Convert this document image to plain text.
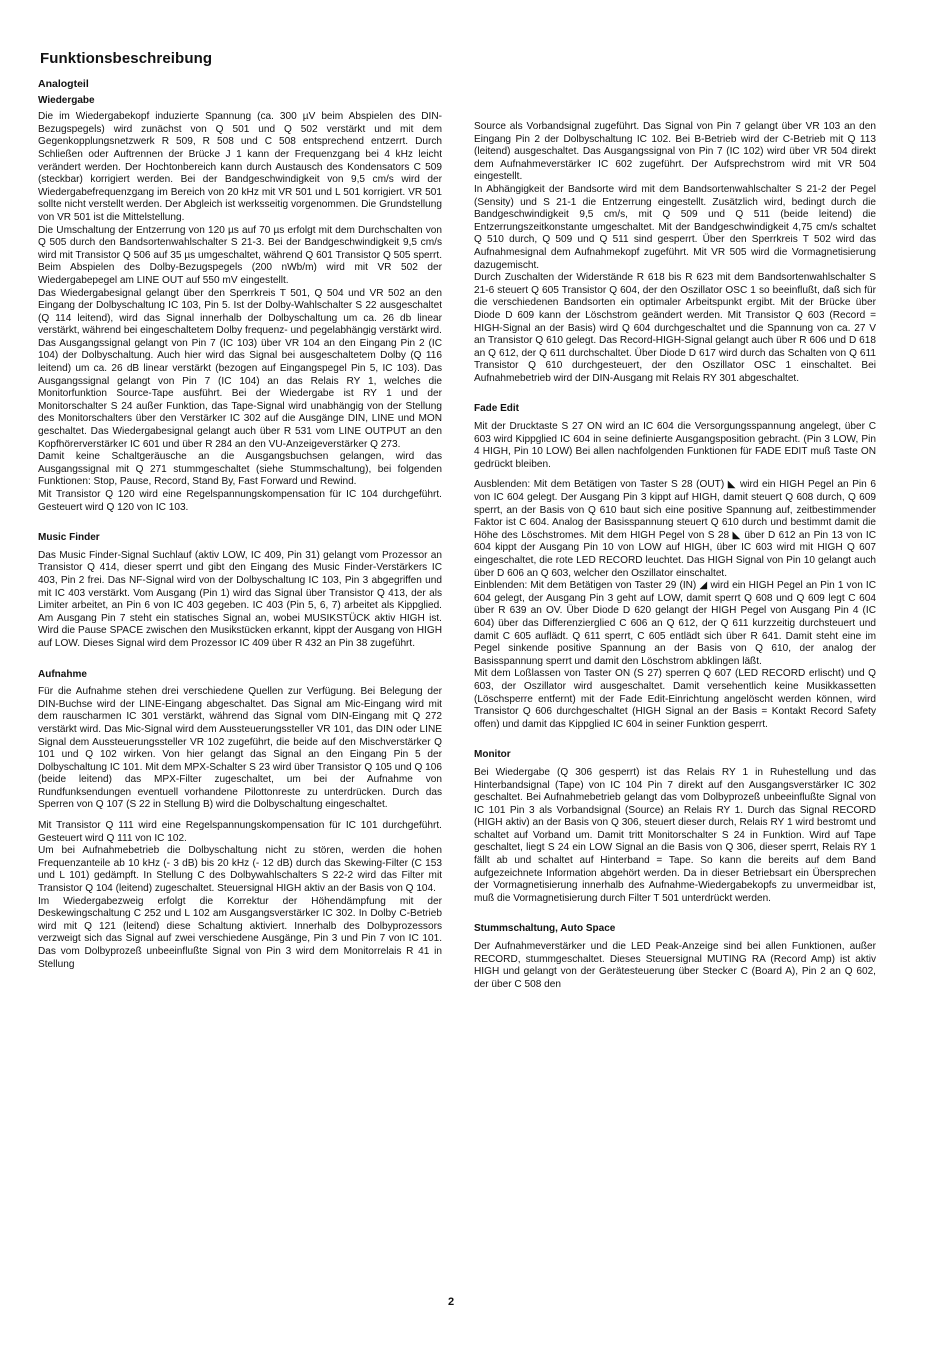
Funktionsbeschreibung
Analogteil
Wiedergabe

Die im Wiedergabekopf induzierte Spannung (ca. 300 µV beim Abspielen des DIN-Bezugspegels) wird zunächst von Q 501 und Q 502 verstärkt und mit dem Gegenkopplungsnetzwerk R 509, R 508 und C 508 entsprechend entzerrt. Durch Schließen oder Auftrennen der Brücke J 1 kann der Frequenzgang bei 4 kHz leicht verändert werden. Der Hochtonbereich kann durch Austausch des Kondensators C 509 (steckbar) korrigiert werden. Bei der Bandgeschwindigkeit von 9,5 cm/s wird der Wiedergabefrequenzgang im Bereich von 20 kHz mit VR 501 und L 501 korrigiert. VR 501 sollte nicht verstellt werden. Der Abgleich ist werksseitig vorgenommen. Die Grundstellung von VR 501 ist die Mittelstellung.

Die Umschaltung der Entzerrung von 120 µs auf 70 µs erfolgt mit dem Durchschalten von Q 505 durch den Bandsortenwahlschalter S 21-3. Bei der Bandgeschwindigkeit 9,5 cm/s wird mit Transistor Q 506 auf 35 µs umgeschaltet, während Q 601 Transistor Q 505 sperrt. Beim Abspielen des Dolby-Bezugspegels (200 nWb/m) wird mit VR 502 der Wiedergabepegel am LINE OUT auf 550 mV eingestellt.

Das Wiedergabesignal gelangt über den Sperrkreis T 501, Q 504 und VR 502 an den Eingang der Dolbyschaltung IC 103, Pin 5. Ist der Dolby-Wahlschalter S 22 ausgeschaltet (Q 114 leitend), wird das Signal innerhalb der Dolbyschaltung um ca. 26 db linear verstärkt, während bei eingeschaltetem Dolby frequenz- und pegelabhängig verstärkt wird.

Das Ausgangssignal gelangt von Pin 7 (IC 103) über VR 104 an den Eingang Pin 2 (IC 104) der Dolbyschaltung. Auch hier wird das Signal bei ausgeschaltetem Dolby (Q 116 leitend) um ca. 26 dB linear verstärkt (bezogen auf Eingangspegel Pin 5, IC 103). Das Ausgangssignal gelangt von Pin 7 (IC 104) an das Relais RY 1, welches die Monitorfunktion Source-Tape ausführt. Bei der Wiedergabe ist RY 1 und der Monitorschalter S 24 außer Funktion, das Tape-Signal wird unabhängig von der Stellung des Monitorschalters über den Verstärker IC 302 auf die Ausgänge DIN, LINE und MON geschaltet. Das Wiedergabesignal gelangt auch über R 531 vom LINE OUTPUT an den Kopfhörerverstärker IC 601 und über R 284 an den VU-Anzeigeverstärker Q 273.

Damit keine Schaltgeräusche an die Ausgangsbuchsen gelangen, wird das Ausgangssignal mit Q 271 stummgeschaltet (siehe Stummschaltung), bei folgenden Funktionen: Stop, Pause, Record, Stand By, Fast Forward und Rewind.

Mit Transistor Q 120 wird eine Regelspannungskompensation für IC 104 durchgeführt. Gesteuert wird Q 120 von IC 103.

Music Finder

Das Music Finder-Signal Suchlauf (aktiv LOW, IC 409, Pin 31) gelangt vom Prozessor an Transistor Q 414, dieser sperrt und gibt den Eingang des Music Finder-Verstärkers IC 403, Pin 2 frei. Das NF-Signal wird von der Dolbyschaltung IC 103, Pin 3 abgegriffen und mit IC 403 verstärkt. Vom Ausgang (Pin 1) wird das Signal über Transistor Q 413, der als Limiter arbeitet, an Pin 6 von IC 403 gegeben. IC 403 (Pin 5, 6, 7) arbeitet als Kippglied. Am Ausgang Pin 7 steht ein statisches Signal an, wobei MUSIKSTÜCK aktiv HIGH ist. Wird die Pause SPACE zwischen den Musikstücken erkannt, kippt der Ausgang von HIGH auf LOW. Dieses Signal wird dem Prozessor IC 409 über R 432 an Pin 38 zugeführt.

Aufnahme

Für die Aufnahme stehen drei verschiedene Quellen zur Verfügung. Bei Belegung der DIN-Buchse wird der LINE-Eingang abgeschaltet. Das Signal am Mic-Eingang wird mit dem rauscharmen IC 301 verstärkt, während das Signal vom DIN-Eingang mit Q 272 verstärkt wird. Das Mic-Signal wird dem Aussteuerungssteller VR 101, das DIN oder LINE Signal dem Aussteuerungssteller VR 102 zugeführt, die beide auf den Mischverstärker Q 101 und Q 102 wirken. Von hier gelangt das Signal an den Eingang Pin 5 der Dolbyschaltung IC 101. Mit dem MPX-Schalter S 23 wird über Transistor Q 105 und Q 106 (beide leitend) das MPX-Filter zugeschaltet, um bei der Aufnahme von Rundfunksendungen eventuell vorhandene Pilottonreste zu unterdrücken. Durch das Sperren von Q 107 (S 22 in Stellung B) wird die Dolbyschaltung eingeschaltet.

Mit Transistor Q 111 wird eine Regelspannungskompensation für IC 101 durchgeführt. Gesteuert wird Q 111 von IC 102.

Um bei Aufnahmebetrieb die Dolbyschaltung nicht zu stören, werden die hohen Frequenzanteile ab 10 kHz (- 3 dB) bis 20 kHz (- 12 dB) durch das Skewing-Filter (C 153 und L 101) gedämpft. In Stellung C des Dolbywahlschalters S 22-2 wird das Filter mit Transistor Q 104 (leitend) zugeschaltet. Steuersignal HIGH aktiv an der Basis von Q 104.

Im Wiedergabezweig erfolgt die Korrektur der Höhendämpfung mit der Deskewingschaltung C 252 und L 102 am Ausgangsverstärker IC 302. In Dolby C-Betrieb wird mit Q 121 (leitend) diese Schaltung aktiviert. Innerhalb des Dolbyprozessors verzweigt sich das Signal auf zwei verschiedene Ausgänge, Pin 3 und Pin 7 von IC 101. Das vom Dolbyprozeß unbeeinflußte Signal von Pin 3 wird dem Monitorrelais R 41 in Stellung

Source als Vorbandsignal zugeführt. Das Signal von Pin 7 gelangt über VR 103 an den Eingang Pin 2 der Dolbyschaltung IC 102. Bei B-Betrieb wird der C-Betrieb mit Q 113 (leitend) ausgeschaltet. Das Ausgangssignal von Pin 7 (IC 102) wird über VR 504 direkt dem Aufnahmeverstärker IC 602 zugeführt. Der Aufsprechstrom wird mit VR 504 eingestellt.

In Abhängigkeit der Bandsorte wird mit dem Bandsortenwahlschalter S 21-2 der Pegel (Sensity) und S 21-1 die Entzerrung eingestellt. Zusätzlich wird, bedingt durch die Bandgeschwindigkeit 9,5 cm/s, mit Q 509 und Q 511 (beide leitend) die Entzerrungszeitkonstante umgeschaltet. Mit der Bandgeschwindigkeit 4,75 cm/s schaltet Q 510 durch, Q 509 und Q 511 sind gesperrt. Über den Sperrkreis T 502 wird das Aufnahmesignal dem Aufnahmekopf zugeführt. Mit VR 505 wird die Vormagnetisierung dazugemischt.

Durch Zuschalten der Widerstände R 618 bis R 623 mit dem Bandsortenwahlschalter S 21-6 steuert Q 605 Transistor Q 604, der den Oszillator OSC 1 so beeinflußt, daß sich für die verschiedenen Bandsorten ein optimaler Arbeitspunkt ergibt. Mit der Brücke über Diode D 609 kann der Löschstrom geändert werden. Mit Transistor Q 603 (Record = HIGH-Signal an der Basis) wird Q 604 durchgeschaltet und die Spannung von ca. 27 V an Transistor Q 610 gelegt. Das Record-HIGH-Signal gelangt auch über R 606 und D 618 an Q 612, der Q 611 durchschaltet. Über Diode D 617 wird durch das Schalten von Q 611 Transistor Q 610 durchgesteuert, der den Oszillator OSC 1 einschaltet. Bei Aufnahmebetrieb wird der DIN-Ausgang mit Relais RY 301 abgeschaltet.

Fade Edit

Mit der Drucktaste S 27 ON wird an IC 604 die Versorgungsspannung angelegt, über C 603 wird Kippglied IC 604 in seine definierte Ausgangsposition gebracht. (Pin 3 LOW, Pin 4 HIGH, Pin 10 LOW) Bei allen nachfolgenden Funktionen für FADE EDIT muß Taste ON gedrückt bleiben.

Ausblenden: Mit dem Betätigen von Taster S 28 (OUT) ◣ wird ein HIGH Pegel an Pin 6 von IC 604 gelegt. Der Ausgang Pin 3 kippt auf HIGH, damit steuert Q 608 durch, Q 609 sperrt, an der Basis von Q 610 baut sich eine positive Spannung auf, zeitbestimmender Faktor ist C 604. Analog der Basisspannung steuert Q 610 durch und bestimmt damit die Höhe des Löschstromes. Mit dem HIGH Pegel von S 28 ◣ über D 612 an Pin 13 von IC 604 kippt der Ausgang Pin 10 von LOW auf HIGH, über IC 603 wird mit HIGH Q 607 eingeschaltet, die rote LED RECORD leuchtet. Das HIGH Signal von Pin 10 gelangt auch über D 606 an Q 603, welcher den Oszillator einschaltet.

Einblenden: Mit dem Betätigen von Taster 29 (IN) ◢ wird ein HIGH Pegel an Pin 1 von IC 604 gelegt, der Ausgang Pin 3 geht auf LOW, damit sperrt Q 608 und Q 609 legt C 604 über R 639 an OV. Über Diode D 620 gelangt der HIGH Pegel von Ausgang Pin 4 (IC 604) über das Differenzierglied C 606 an Q 612, der Q 611 kurzzeitig durchsteuert und damit C 605 auflädt. Q 611 sperrt, C 605 entlädt sich über R 641. Damit steht eine im Pegel sinkende positive Spannung an der Basis von Q 610, der analog der Basisspannung sperrt und damit den Löschstrom abklingen läßt.

Mit dem Loßlassen von Taster ON (S 27) sperren Q 607 (LED RECORD erlischt) und Q 603, der Oszillator wird ausgeschaltet. Damit versehentlich keine Musikkassetten (Löschsperre entfernt) mit der Fade Edit-Einrichtung angelöscht werden können, wird Transistor Q 606 durchgeschaltet (HIGH Signal an der Basis = Kontakt Record Safety offen) und damit das Kippglied IC 604 in seiner Funktion gesperrt.

Monitor

Bei Wiedergabe (Q 306 gesperrt) ist das Relais RY 1 in Ruhestellung und das Hinterbandsignal (Tape) von IC 104 Pin 7 direkt auf den Ausgangsverstärker IC 302 geschaltet. Bei Aufnahmebetrieb gelangt das vom Dolbyprozeß unbeeinflußte Signal von IC 101 Pin 3 als Vorbandsignal (Source) an Relais RY 1. Durch das Signal RECORD (HIGH aktiv) an der Basis von Q 306, steuert dieser durch, Relais RY 1 wird bestromt und schaltet auf Vorband um. Damit tritt Monitorschalter S 24 in Funktion. Wird auf Tape geschaltet, liegt S 24 ein LOW Signal an die Basis von Q 306, dieser sperrt, Relais RY 1 fällt ab und schaltet auf Hinterband = Tape. So kann die bereits auf dem Band aufgezeichnete Information abgehört werden. Da in dieser Betriebsart ein Übersprechen der Vormagnetisierung innerhalb des Aufnahme-Wiedergabekopfs zu unvermeidbar ist, muß die Vormagnetisierung durch Filter T 501 unterdrückt werden.

Stummschaltung, Auto Space

Der Aufnahmeverstärker und die LED Peak-Anzeige sind bei allen Funktionen, außer RECORD, stummgeschaltet. Dieses Steuersignal MUTING RA (Record Amp) ist aktiv HIGH und gelangt von der Gerätesteuerung über Stecker C (Board A), Pin 2 an Q 602, der über C 508 den

2
